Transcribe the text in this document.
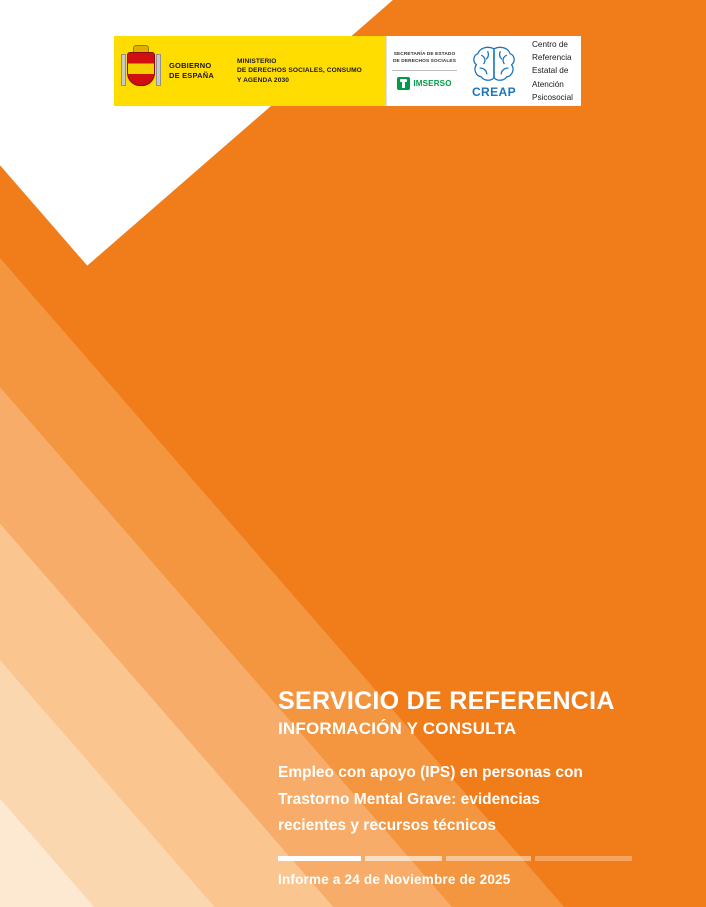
GOBIERNO
DE ESPAÑA
MINISTERIO
DE DERECHOS SOCIALES, CONSUMO
Y AGENDA 2030
SECRETARÍA DE ESTADO
DE DERECHOS SOCIALES
IMSERSO
CREAP
Centro de
Referencia
Estatal de
Atención
Psicosocial
SERVICIO DE REFERENCIA
INFORMACIÓN Y CONSULTA
Empleo con apoyo (IPS) en personas con
Trastorno Mental Grave: evidencias
recientes y recursos técnicos
Informe a 24 de Noviembre de 2025
